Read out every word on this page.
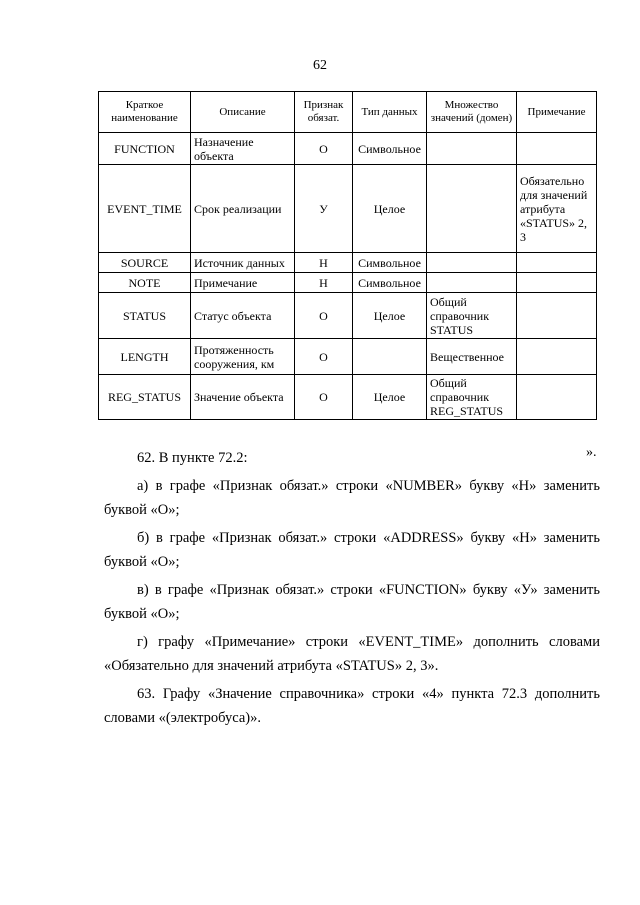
62
Краткое наименование	Описание	Признак обязат.	Тип данных	Множество значений (домен)	Примечание
FUNCTION	Назначение объекта	О	Символьное		
EVENT_TIME	Срок реализации	У	Целое		Обязательно для значений атрибута «STATUS» 2, 3
SOURCE	Источник данных	Н	Символьное		
NOTE	Примечание	Н	Символьное		
STATUS	Статус объекта	О	Целое	Общий справочник STATUS	
LENGTH	Протяженность сооружения, км	О		Вещественное	
REG_STATUS	Значение объекта	О	Целое	Общий справочник REG_STATUS	
».

62. В пункте 72.2:

а) в графе «Признак обязат.» строки «NUMBER» букву «Н» заменить буквой «О»;

б) в графе «Признак обязат.» строки «ADDRESS» букву «Н» заменить буквой «О»;

в) в графе «Признак обязат.» строки «FUNCTION» букву «У» заменить буквой «О»;

г) графу «Примечание» строки «EVENT_TIME» дополнить словами «Обязательно для значений атрибута «STATUS» 2, 3».

63. Графу «Значение справочника» строки «4» пункта 72.3 дополнить словами «(электробуса)».
